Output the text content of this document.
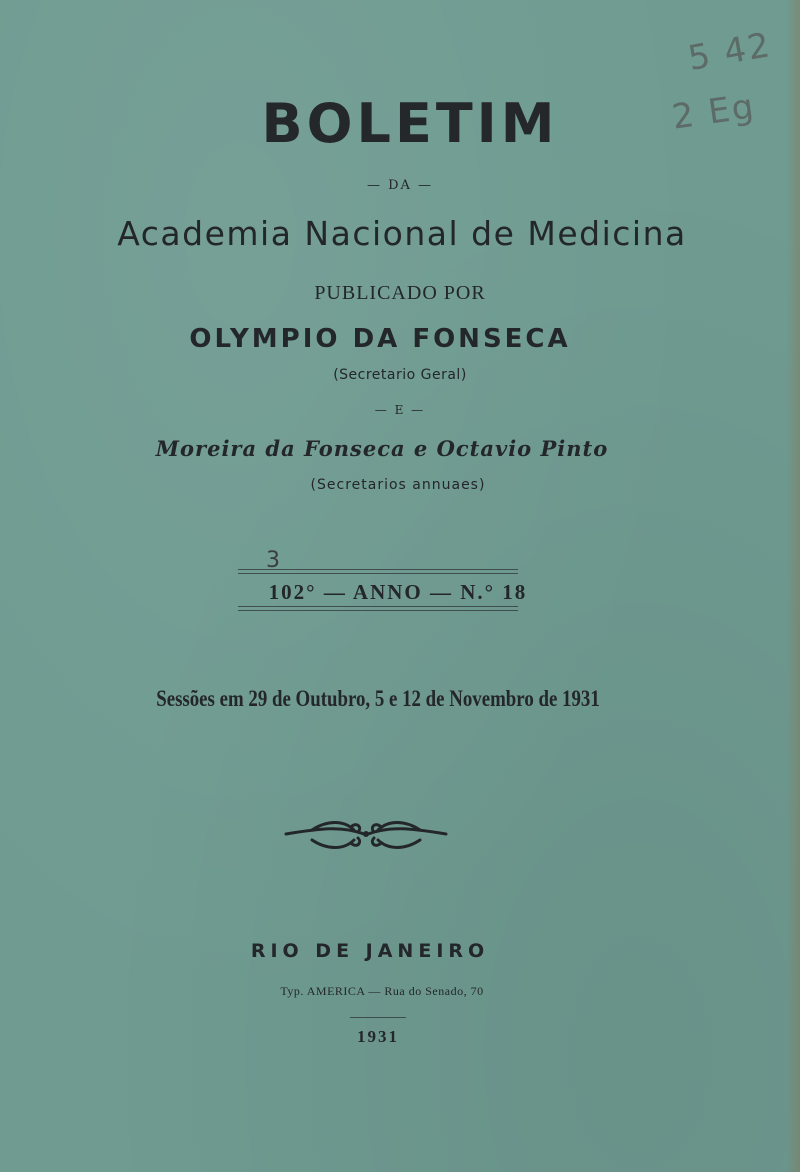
5 42
2 Eg
BOLETIM
— DA —
Academia Nacional de Medicina
PUBLICADO POR
OLYMPIO DA FONSECA
(Secretario Geral)
— E —
Moreira da Fonseca e Octavio Pinto
(Secretarios annuaes)
3
102° — ANNO — N.° 18
Sessões em 29 de Outubro, 5 e 12 de Novembro de 1931
RIO DE JANEIRO
Typ. AMERICA — Rua do Senado, 70
1931
